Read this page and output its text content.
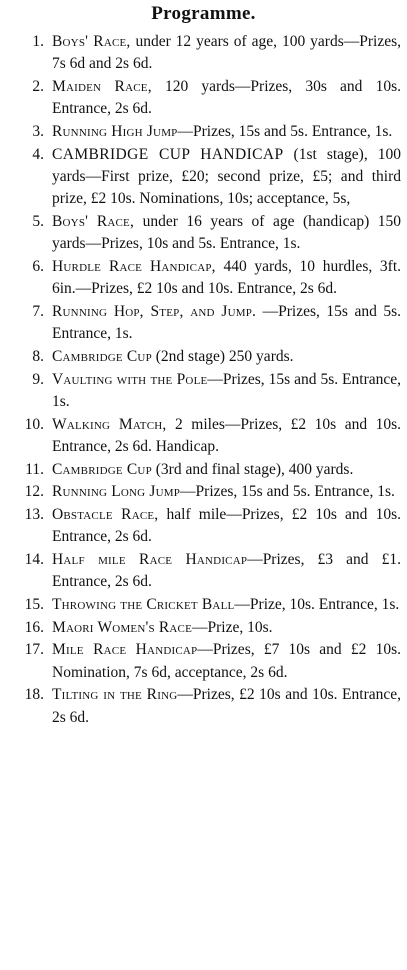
Programme.
1. Boys' Race, under 12 years of age, 100 yards—Prizes, 7s 6d and 2s 6d.
2. Maiden Race, 120 yards—Prizes, 30s and 10s. Entrance, 2s 6d.
3. Running High Jump—Prizes, 15s and 5s. Entrance, 1s.
4. CAMBRIDGE CUP HANDICAP (1st stage), 100 yards—First prize, £20; second prize, £5; and third prize, £2 10s. Nominations, 10s; acceptance, 5s,
5. Boys' Race, under 16 years of age (handicap) 150 yards—Prizes, 10s and 5s. Entrance, 1s.
6. Hurdle Race Handicap, 440 yards, 10 hurdles, 3ft. 6in.—Prizes, £2 10s and 10s. Entrance, 2s 6d.
7. Running Hop, Step, and Jump. —Prizes, 15s and 5s. Entrance, 1s.
8. Cambridge Cup (2nd stage) 250 yards.
9. Vaulting with the Pole—Prizes, 15s and 5s. Entrance, 1s.
10. Walking Match, 2 miles—Prizes, £2 10s and 10s. Entrance, 2s 6d. Handicap.
11. Cambridge Cup (3rd and final stage), 400 yards.
12. Running Long Jump—Prizes, 15s and 5s. Entrance, 1s.
13. Obstacle Race, half mile—Prizes, £2 10s and 10s. Entrance, 2s 6d.
14. Half mile Race Handicap—Prizes, £3 and £1. Entrance, 2s 6d.
15. Throwing the Cricket Ball—Prize, 10s. Entrance, 1s.
16. Maori Women's Race—Prize, 10s.
17. Mile Race Handicap—Prizes, £7 10s and £2 10s. Nomination, 7s 6d, acceptance, 2s 6d.
18. Tilting in the Ring—Prizes, £2 10s and 10s. Entrance, 2s 6d.
